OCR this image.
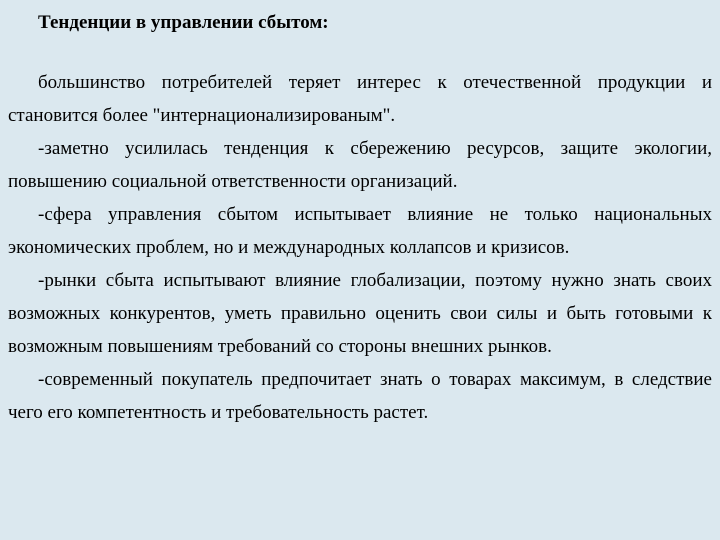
Тенденции в управлении сбытом:

большинство потребителей теряет интерес к отечественной продукции и становится более "интернационализированым".

-заметно усилилась тенденция к сбережению ресурсов, защите экологии, повышению социальной ответственности организаций.

-сфера управления сбытом испытывает влияние не только национальных экономических проблем, но и международных коллапсов и кризисов.

-рынки сбыта испытывают влияние глобализации, поэтому нужно знать своих возможных конкурентов, уметь правильно оценить свои силы и быть готовыми к возможным повышениям требований со стороны внешних рынков.

-современный покупатель предпочитает знать о товарах максимум, в следствие чего его компетентность и требовательность растет.
